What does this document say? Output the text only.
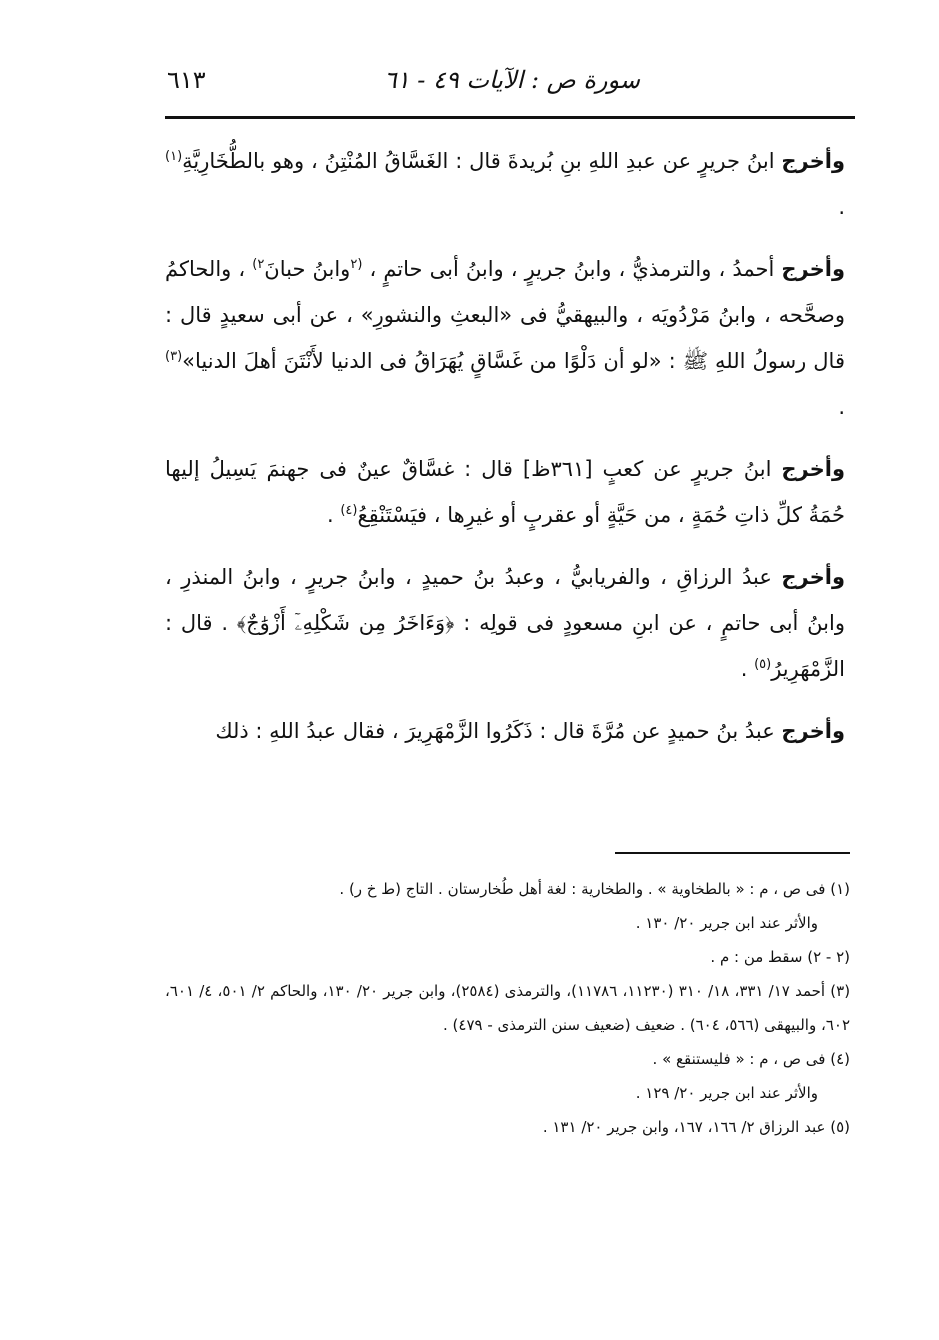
سورة ص : الآيات ٤٩ - ٦١
٦١٣

وأخرج ابنُ جريرٍ عن عبدِ اللهِ بنِ بُريدةَ قال : الغَسَّاقُ المُنْتِنُ ، وهو بالطُّخَارِيَّةِ$^{(١)}$ .

وأخرج أحمدُ ، والترمذيُّ ، وابنُ جريرٍ ، وابنُ أبى حاتمٍ ، $^{(٢}$وابنُ حبانَ$^{٢)}$ ، والحاكمُ وصحَّحه ، وابنُ مَرْدُويَه ، والبيهقيُّ فى «البعثِ والنشورِ» ، عن أبى سعيدٍ قال : قال رسولُ اللهِ ﷺ : «لو أن دَلْوًا من غَسَّاقٍ يُهَرَاقُ فى الدنيا لأَنْتَنَ أهلَ الدنيا»$^{(٣)}$ .

وأخرج ابنُ جريرٍ عن كعبٍ [٣٦١ظ] قال : غسَّاقٌ عينٌ فى جهنمَ يَسِيلُ إليها حُمَةُ كلِّ ذاتِ حُمَةٍ ، من حَيَّةٍ أو عقربٍ أو غيرِها ، فيَسْتَنْقِعُ$^{(٤)}$ .

وأخرج عبدُ الرزاقِ ، والفريابيُّ ، وعبدُ بنُ حميدٍ ، وابنُ جريرٍ ، وابنُ المنذرِ ، وابنُ أبى حاتمٍ ، عن ابنِ مسعودٍ فى قولِه : ﴿وَءَاخَرُ مِن شَكْلِهِۦٓ أَزْوَٰجٌ﴾ . قال : الزَّمْهَرِيرُ$^{(٥)}$ .

وأخرج عبدُ بنُ حميدٍ عن مُرَّةَ قال : ذَكَرُوا الزَّمْهَرِيرَ ، فقال عبدُ اللهِ : ذلك

(١) فى ص ، م : « بالطخاوية » . والطخارية : لغة أهل طُخارستان . التاج (ط خ ر) .

والأثر عند ابن جرير ٢٠/ ١٣٠ .

(٢ - ٢) سقط من : م .

(٣) أحمد ١٧/ ٣٣١، ١٨/ ٣١٠ (١١٢٣٠، ١١٧٨٦)، والترمذى (٢٥٨٤)، وابن جرير ٢٠/ ١٣٠، والحاكم ٢/ ٥٠١، ٤/ ٦٠١، ٦٠٢، والبيهقى (٥٦٦، ٦٠٤) . ضعيف (ضعيف سنن الترمذى - ٤٧٩) .

(٤) فى ص ، م : « فليستنقع » .

والأثر عند ابن جرير ٢٠/ ١٢٩ .

(٥) عبد الرزاق ٢/ ١٦٦، ١٦٧، وابن جرير ٢٠/ ١٣١ .
